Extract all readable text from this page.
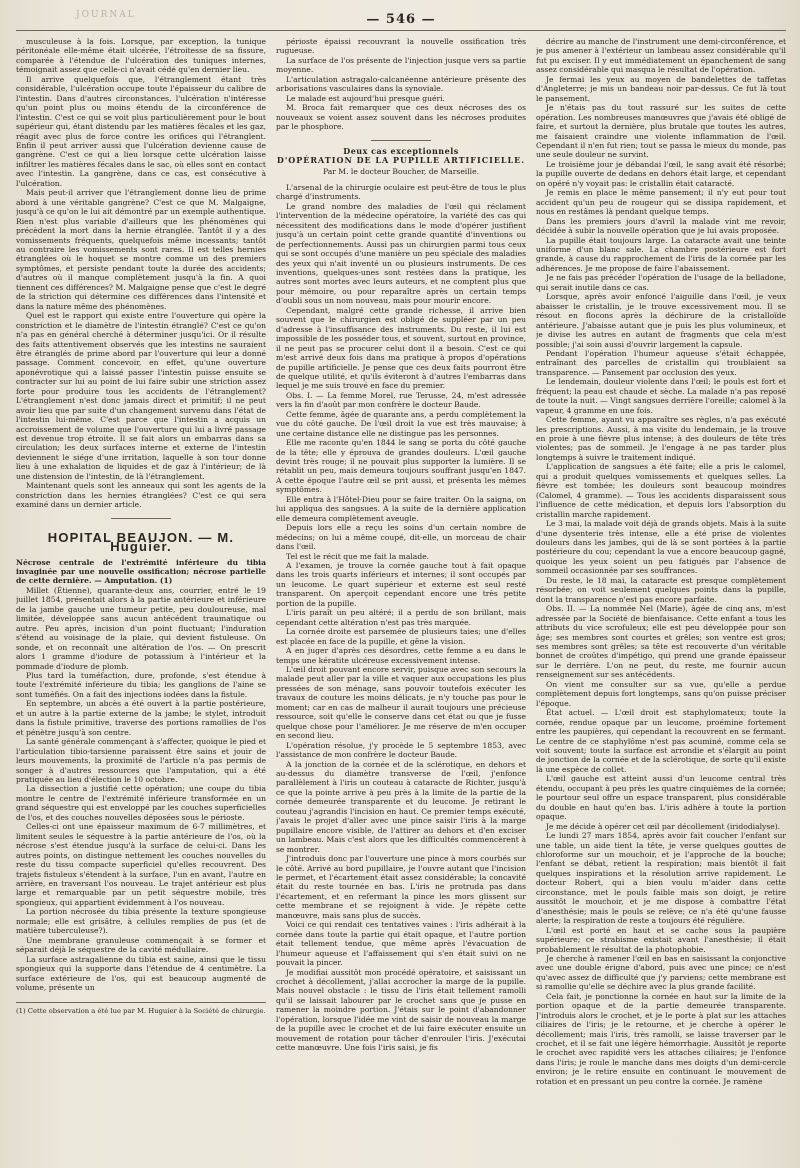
JOURNAL	— 546 —

musculeuse à la fois. Lorsque, par exception, la tunique péritonéale elle-même était ulcérée, l'étroitesse de sa fissure, comparée à l'étendue de l'ulcération des tuniques internes, témoignait assez que celle-ci n'avait cédé qu'en dernier lieu.

Il arrive quelquefois que, l'étranglement étant très considérable, l'ulcération occupe toute l'épaisseur du calibre de l'intestin. Dans d'autres circonstances, l'ulcération n'intéresse qu'un point plus ou moins étendu de la circonférence de l'intestin. C'est ce qui se voit plus particulièrement pour le bout supérieur qui, étant distendu par les matières fécales et les gaz, réagit avec plus de force contre les orifices qui l'étranglent. Enfin il peut arriver aussi que l'ulcération devienne cause de gangrène. C'est ce qui a lieu lorsque cette ulcération laisse infiltrer les matières fécales dans le sac, où elles sont en contact avec l'intestin. La gangrène, dans ce cas, est consécutive à l'ulcération.

Mais peut-il arriver que l'étranglement donne lieu de prime abord à une véritable gangrène? C'est ce que M. Malgaigne, jusqu'à ce qu'on le lui ait démontré par un exemple authentique. Rien n'est plus variable d'ailleurs que les phénomènes qui précèdent la mort dans la hernie étranglée. Tantôt il y a des vomissements fréquents, quelquefois même incessants; tantôt au contraire les vomissements sont rares. Il est telles hernies étranglées où le hoquet se montre comme un des premiers symptômes, et persiste pendant toute la durée des accidents; d'autres où il manque complètement jusqu'à la fin. A quoi tiennent ces différences? M. Malgaigne pense que c'est le degré de la striction qui détermine ces différences dans l'intensité et dans la nature même des phénomènes.

Quel est le rapport qui existe entre l'ouverture qui opère la constriction et le diamètre de l'intestin étranglé? C'est ce qu'on n'a pas en général cherché à déterminer jusqu'ici. Or il résulte des faits attentivement observés que les intestins ne sauraient être étranglés de prime abord par l'ouverture qui leur a donné passage. Comment concevoir, en effet, qu'une ouverture aponévrotique qui a laissé passer l'intestin puisse ensuite se contracter sur lui au point de lui faire subir une striction assez forte pour produire tous les accidents de l'étranglement? L'étranglement n'est donc jamais direct et primitif; il ne peut avoir lieu que par suite d'un changement survenu dans l'état de l'intestin lui-même. C'est parce que l'intestin a acquis un accroissement de volume que l'ouverture qui lui a livré passage est devenue trop étroite. Il se fait alors un embarras dans sa circulation; les deux surfaces interne et externe de l'intestin deviennent le siége d'une irritation, laquelle à son tour donne lieu à une exhalation de liquides et de gaz à l'intérieur; de là une distension de l'intestin, de là l'étranglement.

Maintenant quels sont les anneaux qui sont les agents de la constriction dans les hernies étranglées? C'est ce qui sera examiné dans un dernier article.

HOPITAL BEAUJON. — M. Huguier.

Nécrose centrale de l'extrémité inférieure du tibia invaginée par une nouvelle ossification; nécrose partielle de cette dernière. — Amputation. (1)

Millet (Étienne), quarante-deux ans, courrier, entré le 19 juillet 1854, présentait alors à la partie antérieure et inférieure de la jambe gauche une tumeur petite, peu douloureuse, mal limitée, développée sans aucun antécédent traumatique ou autre. Peu après, incision d'un point fluctuant; l'induration s'étend au voisinage de la plaie, qui devient fistuleuse. On sonde, et on reconnaît une altération de l'os. — On prescrit alors 1 gramme d'iodure de potassium à l'intérieur et la pommade d'iodure de plomb.

Plus tard la tuméfaction, dure, profonde, s'est étendue à toute l'extrémité inférieure du tibia; les ganglions de l'aine se sont tuméfiés. On a fait des injections iodées dans la fistule.

En septembre, un abcès a été ouvert à la partie postérieure, et un autre à la partie externe de la jambe; le stylet, introduit dans la fistule primitive, traverse des portions ramollies de l'os et pénètre jusqu'à son centre.

La santé générale commençant à s'affecter, quoique le pied et l'articulation tibio-tarsienne paraissent être sains et jouir de leurs mouvements, la proximité de l'article n'a pas permis de songer à d'autres ressources que l'amputation, qui a été pratiquée au lieu d'élection le 10 octobre.

La dissection a justifié cette opération; une coupe du tibia montre le centre de l'extrémité inférieure transformée en un grand séquestre qui est enveloppé par les couches superficielles de l'os, et des couches nouvelles déposées sous le périoste.

Celles-ci ont une épaisseur maximum de 6-7 millimètres, et limitent seules le séquestre à la partie antérieure de l'os, où la nécrose s'est étendue jusqu'à la surface de celui-ci. Dans les autres points, on distingue nettement les couches nouvelles du reste du tissu compacte superficiel qu'elles recouvrent. Des trajets fistuleux s'étendent à la surface, l'un en avant, l'autre en arrière, en traversant l'os nouveau. Le trajet antérieur est plus large et remarquable par un petit séquestre mobile, très spongieux, qui appartient évidemment à l'os nouveau.

La portion nécrosée du tibia présente la texture spongieuse normale; elle est grisâtre, à cellules remplies de pus (et de matière tuberculeuse?).

Une membrane granuleuse commençait à se former et séparait déjà le séquestre de la cavité médullaire.

La surface astragalienne du tibia est saine, ainsi que le tissu spongieux qui la supporte dans l'étendue de 4 centimètre. La surface extérieure de l'os, qui est beaucoup augmenté de volume, présente un

(1) Cette observation a été lue par M. Huguier à la Société de chirurgie.

périoste épaissi recouvrant la nouvelle ossification très rugueuse.

La surface de l'os présente de l'injection jusque vers sa partie moyenne.

L'articulation astragalo-calcanéenne antérieure présente des arborisations vasculaires dans la synoviale.

Le malade est aujourd'hui presque guéri.

M. Broca fait remarquer que ces deux nécroses des os nouveaux se voient assez souvent dans les nécroses produites par le phosphore.

Deux cas exceptionnels
D'OPÉRATION DE LA PUPILLE ARTIFICIELLE.
Par M. le docteur Boucher, de Marseille.

L'arsenal de la chirurgie oculaire est peut-être de tous le plus chargé d'instruments.

Le grand nombre des maladies de l'œil qui réclament l'intervention de la médecine opératoire, la variété des cas qui nécessitent des modifications dans le mode d'opérer justifient jusqu'à un certain point cette grande quantité d'inventions ou de perfectionnements. Aussi pas un chirurgien parmi tous ceux qui se sont occupés d'une manière un peu spéciale des maladies des yeux qui n'ait inventé un ou plusieurs instruments. De ces inventions, quelques-unes sont restées dans la pratique, les autres sont mortes avec leurs auteurs, et ne comptent plus que pour mémoire, ou pour reparaître après un certain temps d'oubli sous un nom nouveau, mais pour mourir encore.

Cependant, malgré cette grande richesse, il arrive bien souvent que le chirurgien est obligé de suppléer par un peu d'adresse à l'insuffisance des instruments. Du reste, il lui est impossible de les posséder tous, et souvent, surtout en province, il ne peut pas se procurer celui dont il a besoin. C'est ce qui m'est arrivé deux fois dans ma pratique à propos d'opérations de pupille artificielle. Je pense que ces deux faits pourront être de quelque utilité, et qu'ils éviteront à d'autres l'embarras dans lequel je me suis trouvé en face du premier.

Obs. I. — La femme Morel, rue Terusse, 24, m'est adressée vers la fin d'août par mon confrère le docteur Baude.

Cette femme, âgée de quarante ans, a perdu complètement la vue du côté gauche. De l'œil droit la vue est très mauvaise; à une certaine distance elle ne distingue pas les personnes.

Elle me raconte qu'en 1844 le sang se porta du côté gauche de la tête; elle y éprouva de grandes douleurs. L'œil gauche devint très rouge; il ne pouvait plus supporter la lumière. Il se rétablit un peu, mais demeura toujours souffrant jusqu'en 1847. A cette époque l'autre œil se prit aussi, et présenta les mêmes symptômes.

Elle entra à l'Hôtel-Dieu pour se faire traiter. On la saigna, on lui appliqua des sangsues. A la suite de la dernière application elle demeura complètement aveugle.

Depuis lors elle a reçu les soins d'un certain nombre de médecins; on lui a même coupé, dit-elle, un morceau de chair dans l'œil.

Tel est le récit que me fait la malade.

A l'examen, je trouve la cornée gauche tout à fait opaque dans les trois quarts inférieurs et internes; il sont occupés par un leucome. Le quart supérieur et externe est seul resté transparent. On aperçoit cependant encore une très petite portion de la pupille.

L'iris paraît un peu altéré; il a perdu de son brillant, mais cependant cette altération n'est pas très marquée.

La cornée droite est parsemée de plusieurs taies; une d'elles est placée en face de la pupille, et gêne la vision.

A en juger d'après ces désordres, cette femme a eu dans le temps une kératite ulcéreuse excessivement intense.

L'œil droit pouvant encore servir, puisque avec son secours la malade peut aller par la ville et vaquer aux occupations les plus pressées de son ménage, sans pouvoir toutefois exécuter les travaux de couture les moins délicats, je n'y touche pas pour le moment; car en cas de malheur il aurait toujours une précieuse ressource, soit qu'elle le conserve dans cet état ou que je fusse quelque chose pour l'améliorer. Je me réserve de m'en occuper en second lieu.

L'opération résolue, j'y procède le 5 septembre 1853, avec l'assistance de mon confrère le docteur Baude.

A la jonction de la cornée et de la sclérotique, en dehors et au-dessus du diamètre transverse de l'œil, j'enfonce parallèlement à l'iris un couteau à cataracte de Richter, jusqu'à ce que la pointe arrive à peu près à la limite de la partie de la cornée demeurée transparente et du leucome. Je retirant le couteau j'agrandis l'incision en haut. Ce premier temps exécuté, j'avais le projet d'aller avec une pince saisir l'iris à la marge pupillaire encore visible, de l'attirer au dehors et d'en exciser un lambeau. Mais c'est alors que les difficultés commencèrent à se montrer.

J'introduis donc par l'ouverture une pince à mors courbés sur le côté. Arrivé au bord pupillaire, je l'ouvre autant que l'incision le permet, et l'écartement était assez considérable; la concavité était du reste tournée en bas. L'iris ne protruda pas dans l'écartement, et en refermant la pince les mors glissent sur cette membrane et se rejoignent à vide. Je répète cette manœuvre, mais sans plus de succès.

Voici ce qui rendait ces tentatives vaines : l'iris adhérait à la cornée dans toute la partie qui était opaque, et l'autre portion était tellement tendue, que même après l'évacuation de l'humeur aqueuse et l'affaissement qui s'en était suivi on ne pouvait la pincer.

Je modifiai aussitôt mon procédé opératoire, et saisissant un crochet à décollement, j'allai accrocher la marge de la pupille. Mais nouvel obstacle : le tissu de l'iris était tellement ramolli qu'il se laissait labourer par le crochet sans que je pusse en ramener la moindre portion. J'étais sur le point d'abandonner l'opération, lorsque l'idée me vint de saisir de nouveau la marge de la pupille avec le crochet et de lui faire exécuter ensuite un mouvement de rotation pour tâcher d'enrouler l'iris. J'exécutai cette manœuvre. Une fois l'iris saisi, je fis

décrire au manche de l'instrument une demi-circonférence, et je pus amener à l'extérieur un lambeau assez considérable qu'il fut pu exciser. Il y eut immédiatement un épanchement de sang assez considérable qui masqua le résultat de l'opération.

Je fermai les yeux au moyen de bandelettes de taffetas d'Angleterre; je mis un bandeau noir par-dessus. Ce fut là tout le pansement.

Je n'étais pas du tout rassuré sur les suites de cette opération. Les nombreuses manœuvres que j'avais été obligé de faire, et surtout la dernière, plus brutale que toutes les autres, me faisaient craindre une violente inflammation de l'œil. Cependant il n'en fut rien; tout se passa le mieux du monde, pas une seule douleur ne survint.

Le troisième jour je débandai l'œil, le sang avait été résorbé; la pupille ouverte de dedans en dehors était large, et cependant on opéré n'y voyait pas: le cristallin était cataracté.

Je remis en place le même pansement; il n'y eut pour tout accident qu'un peu de rougeur qui se dissipa rapidement, et nous en restâmes là pendant quelque temps.

Dans les premiers jours d'avril la malade vint me revoir, décidée à subir la nouvelle opération que je lui avais proposée.

La pupille était toujours large. La cataracte avait une teinte uniforme d'un blanc sale. La chambre postérieure est fort grande, à cause du rapprochement de l'iris de la cornée par les adhérences. Je me propose de faire l'abaissement.

Je ne fais pas précéder l'opération de l'usage de la belladone, qui serait inutile dans ce cas.

Lorsque, après avoir enfoncé l'aiguille dans l'œil, je veux abaisser le cristallin, je le trouve excessivement mou. Il se résout en flocons après la déchirure de la cristalloïde antérieure. J'abaisse autant que je puis les plus volumineux, et je divise les autres en autant de fragments que cela m'est possible; j'ai soin aussi d'ouvrir largement la capsule.

Pendant l'opération l'humeur aqueuse s'était échappée, entraînant des parcelles de cristallin qui troublaient sa transparence. — Pansement par occlusion des yeux.

Le lendemain, douleur violente dans l'œil; le pouls est fort et fréquent; la peau est chaude et sèche. La malade n'a pas reposé de toute la nuit. — Vingt sangsues derrière l'oreille; calomel à la vapeur, 4 gramme en une fois.

Cette femme, ayant vu apparaître ses règles, n'a pas exécuté les prescriptions. Aussi, à ma visite du lendemain, je la trouve en proie à une fièvre plus intense; à des douleurs de tête très violentes; pas de sommeil. Je l'engage à ne pas tarder plus longtemps à suivre le traitement indiqué.

L'application de sangsues a été faite; elle a pris le calomel, qui a produit quelques vomissements et quelques selles. La fièvre est tombée; les douleurs sont beaucoup moindres (Calomel, 4 gramme). — Tous les accidents disparaissent sous l'influence de cette médication, et depuis lors l'absorption du cristallin marche rapidement.

Le 3 mai, la malade voit déjà de grands objets. Mais à la suite d'une dysenterie très intense, elle a été prise de violentes douleurs dans les jambes, qui de là se sont portées à la partie postérieure du cou; cependant la vue a encore beaucoup gagné, quoique les yeux soient un peu fatigués par l'absence de sommeil occasionnée par ses souffrances.

Du reste, le 18 mai, la cataracte est presque complètement résorbée; on voit seulement quelques points dans la pupille, dont la transparence n'est pas encore parfaite.

Obs. II. — La nommée Nel (Marie), âgée de cinq ans, m'est adressée par la Société de bienfaisance. Cette enfant a tous les attributs du vice scrofuleux; elle est peu développée pour son âge; ses membres sont courtes et grêles; son ventre est gros; ses membres sont grêles; sa tête est recouverte d'un véritable bonnet de croûtes d'impétigo, qui prend une grande épaisseur sur le derrière. L'on ne peut, du reste, me fournir aucun renseignement sur ses antécédents.

On vient me consulter sur sa vue, qu'elle a perdue complètement depuis fort longtemps, sans qu'on puisse préciser l'époque.

État actuel. — L'œil droit est staphylomateux; toute la cornée, rendue opaque par un leucome, proémine fortement entre les paupières, qui cependant la recouvrent en se fermant. Le centre de ce staphylôme n'est pas acuminé, comme cela se voit souvent; toute la surface est arrondie et s'élargit au point de jonction de la cornée et de la sclérotique, de sorte qu'il existe là une espèce de collet.

L'œil gauche est atteint aussi d'un leucome central très étendu, occupant à peu près les quatre cinquièmes de la cornée; le pourtour seul offre un espace transparent, plus considérable du double en haut qu'en bas. L'iris adhère à toute la portion opaque.

Je me décide à opérer cet œil par décollement (iridodialyse).

Le lundi 27 mars 1854, après avoir fait coucher l'enfant sur une table, un aide tient la tête, je verse quelques gouttes de chloroforme sur un mouchoir, et je l'approche de la bouche; l'enfant se débat, retient la respiration; mais bientôt il fait quelques inspirations et la résolution arrive rapidement. Le docteur Robert, qui a bien voulu m'aider dans cette circonstance, met le pouls faible mais son doigt, je retire aussitôt le mouchoir, et je me dispose à combattre l'état d'anesthésie; mais le pouls se relève; ce n'a été qu'une fausse alerte; la respiration de reste a toujours été régulière.

L'œil est porté en haut et se cache sous la paupière supérieure; ce strabisme existait avant l'anesthésie; il était probablement le résultat de la photophobie.

Je cherche à ramener l'œil en bas en saisissant la conjonctive avec une double érigne d'abord, puis avec une pince; ce n'est qu'avec assez de difficulté que j'y parviens; cette membrane est si ramollie qu'elle se déchire avec la plus grande facilité.

Cela fait, je ponctionne la cornée en haut sur la limite de la portion opaque et de la partie demeurée transparente. J'introduis alors le crochet, et je le porte à plat sur les attaches ciliaires de l'iris; je le retourne, et je cherche à opérer le décollement; mais l'iris, très ramolli, se laisse traverser par le crochet, et il se fait une légère hémorrhagie. Aussitôt je reporte le crochet avec rapidité vers les attaches ciliaires; je l'enfonce dans l'iris; je roule le manche dans mes doigts d'un demi-cercle environ; je le retire ensuite en continuant le mouvement de rotation et en pressant un peu contre la cornée. Je ramène
